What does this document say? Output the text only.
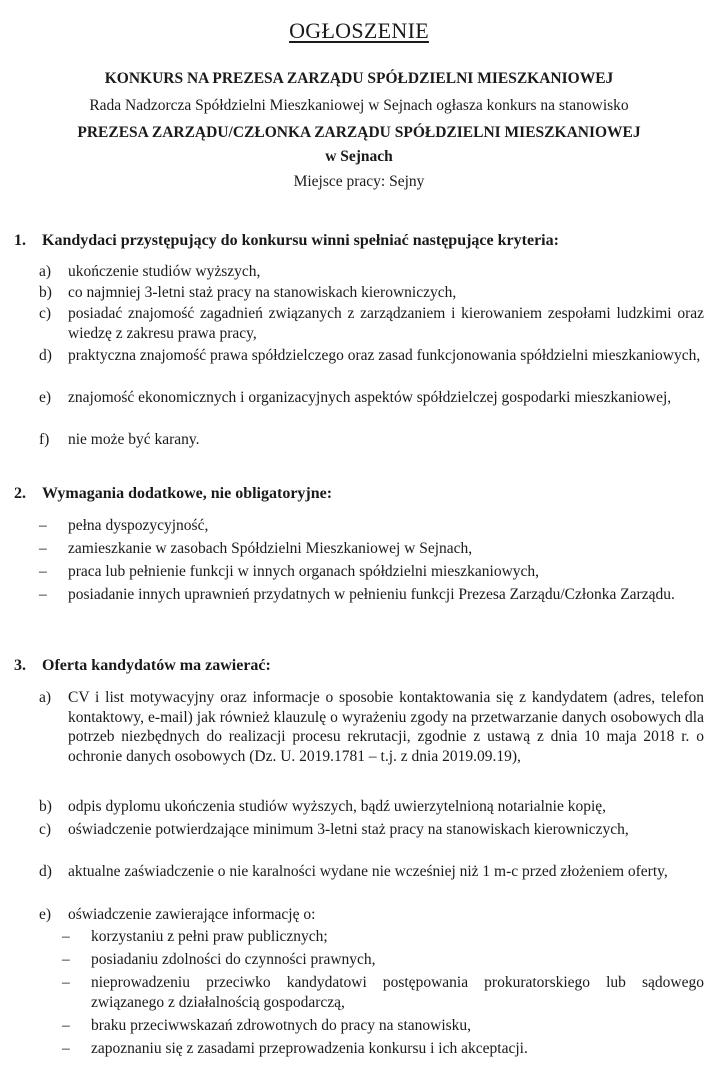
OGŁOSZENIE
KONKURS NA PREZESA ZARZĄDU SPÓŁDZIELNI MIESZKANIOWEJ
Rada Nadzorcza Spółdzielni Mieszkaniowej w Sejnach ogłasza konkurs na stanowisko
PREZESA ZARZĄDU/CZŁONKA ZARZĄDU SPÓŁDZIELNI MIESZKANIOWEJ
w Sejnach
Miejsce pracy: Sejny
1. Kandydaci przystępujący do konkursu winni spełniać następujące kryteria:
a) ukończenie studiów wyższych,
b) co najmniej 3-letni staż pracy na stanowiskach kierowniczych,
c) posiadać znajomość zagadnień związanych z zarządzaniem i kierowaniem zespołami ludzkimi oraz wiedzę z zakresu prawa pracy,
d) praktyczna znajomość prawa spółdzielczego oraz zasad funkcjonowania spółdzielni mieszkaniowych,
e) znajomość ekonomicznych i organizacyjnych aspektów spółdzielczej gospodarki mieszkaniowej,
f) nie może być karany.
2. Wymagania dodatkowe, nie obligatoryjne:
– pełna dyspozycyjność,
– zamieszkanie w zasobach Spółdzielni Mieszkaniowej w Sejnach,
– praca lub pełnienie funkcji w innych organach spółdzielni mieszkaniowych,
– posiadanie innych uprawnień przydatnych w pełnieniu funkcji Prezesa Zarządu/Członka Zarządu.
3. Oferta kandydatów ma zawierać:
a) CV i list motywacyjny oraz informacje o sposobie kontaktowania się z kandydatem (adres, telefon kontaktowy, e-mail) jak również klauzulę o wyrażeniu zgody na przetwarzanie danych osobowych dla potrzeb niezbędnych do realizacji procesu rekrutacji, zgodnie z ustawą z dnia 10 maja 2018 r. o ochronie danych osobowych (Dz. U. 2019.1781 – t.j. z dnia 2019.09.19),
b) odpis dyplomu ukończenia studiów wyższych, bądź uwierzytelnioną notarialnie kopię,
c) oświadczenie potwierdzające minimum 3-letni staż pracy na stanowiskach kierowniczych,
d) aktualne zaświadczenie o nie karalności wydane nie wcześniej niż 1 m-c przed złożeniem oferty,
e) oświadczenie zawierające informację o:
– korzystaniu z pełni praw publicznych;
– posiadaniu zdolności do czynności prawnych,
– nieprowadzeniu przeciwko kandydatowi postępowania prokuratorskiego lub sądowego związanego z działalnością gospodarczą,
– braku przeciwwskazań zdrowotnych do pracy na stanowisku,
– zapoznaniu się z zasadami przeprowadzenia konkursu i ich akceptacji.
